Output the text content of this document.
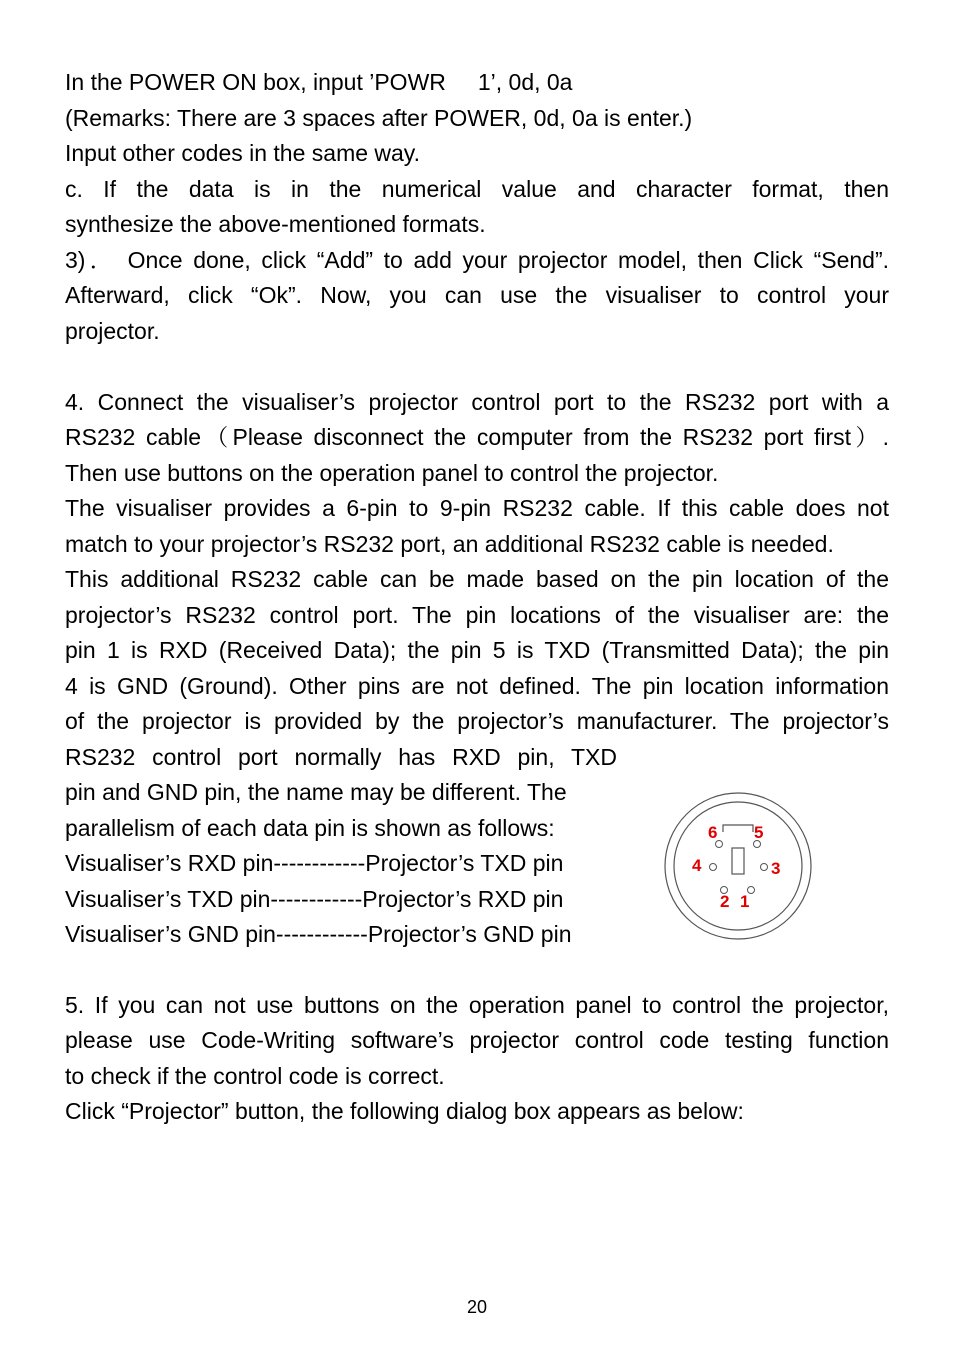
In the POWER ON box, input ’POWR     1’, 0d, 0a
(Remarks: There are 3 spaces after POWER, 0d, 0a is enter.)
Input other codes in the same way.
c. If the data is in the numerical value and character format, then
synthesize the above-mentioned formats.
3)． Once done, click “Add” to add your projector model, then Click “Send”.
Afterward, click “Ok”. Now, you can use the visualiser to control your
projector.
4. Connect the visualiser’s projector control port to the RS232 port with a
RS232 cable（Please disconnect the computer from the RS232 port first）.
Then use buttons on the operation panel to control the projector.
The visualiser provides a 6-pin to 9-pin RS232 cable. If this cable does not
match to your projector’s RS232 port, an additional RS232 cable is needed.
This additional RS232 cable can be made based on the pin location of the
projector’s RS232 control port. The pin locations of the visualiser are: the
pin 1 is RXD (Received Data); the pin 5 is TXD (Transmitted Data); the pin
4 is GND (Ground). Other pins are not defined. The pin location information
of the projector is provided by the projector’s manufacturer. The projector’s
RS232 control port normally has RXD pin, TXD
pin and GND pin, the name may be different. The
parallelism of each data pin is shown as follows:
Visualiser’s RXD pin------------Projector’s TXD pin
Visualiser’s TXD pin------------Projector’s RXD pin
Visualiser’s GND pin------------Projector’s GND pin
5. If you can not use buttons on the operation panel to control the projector,
please use Code-Writing software’s projector control code testing function
to check if the control code is correct.
Click “Projector” button, the following dialog box appears as below:
6 5
4	3
2 1
20
